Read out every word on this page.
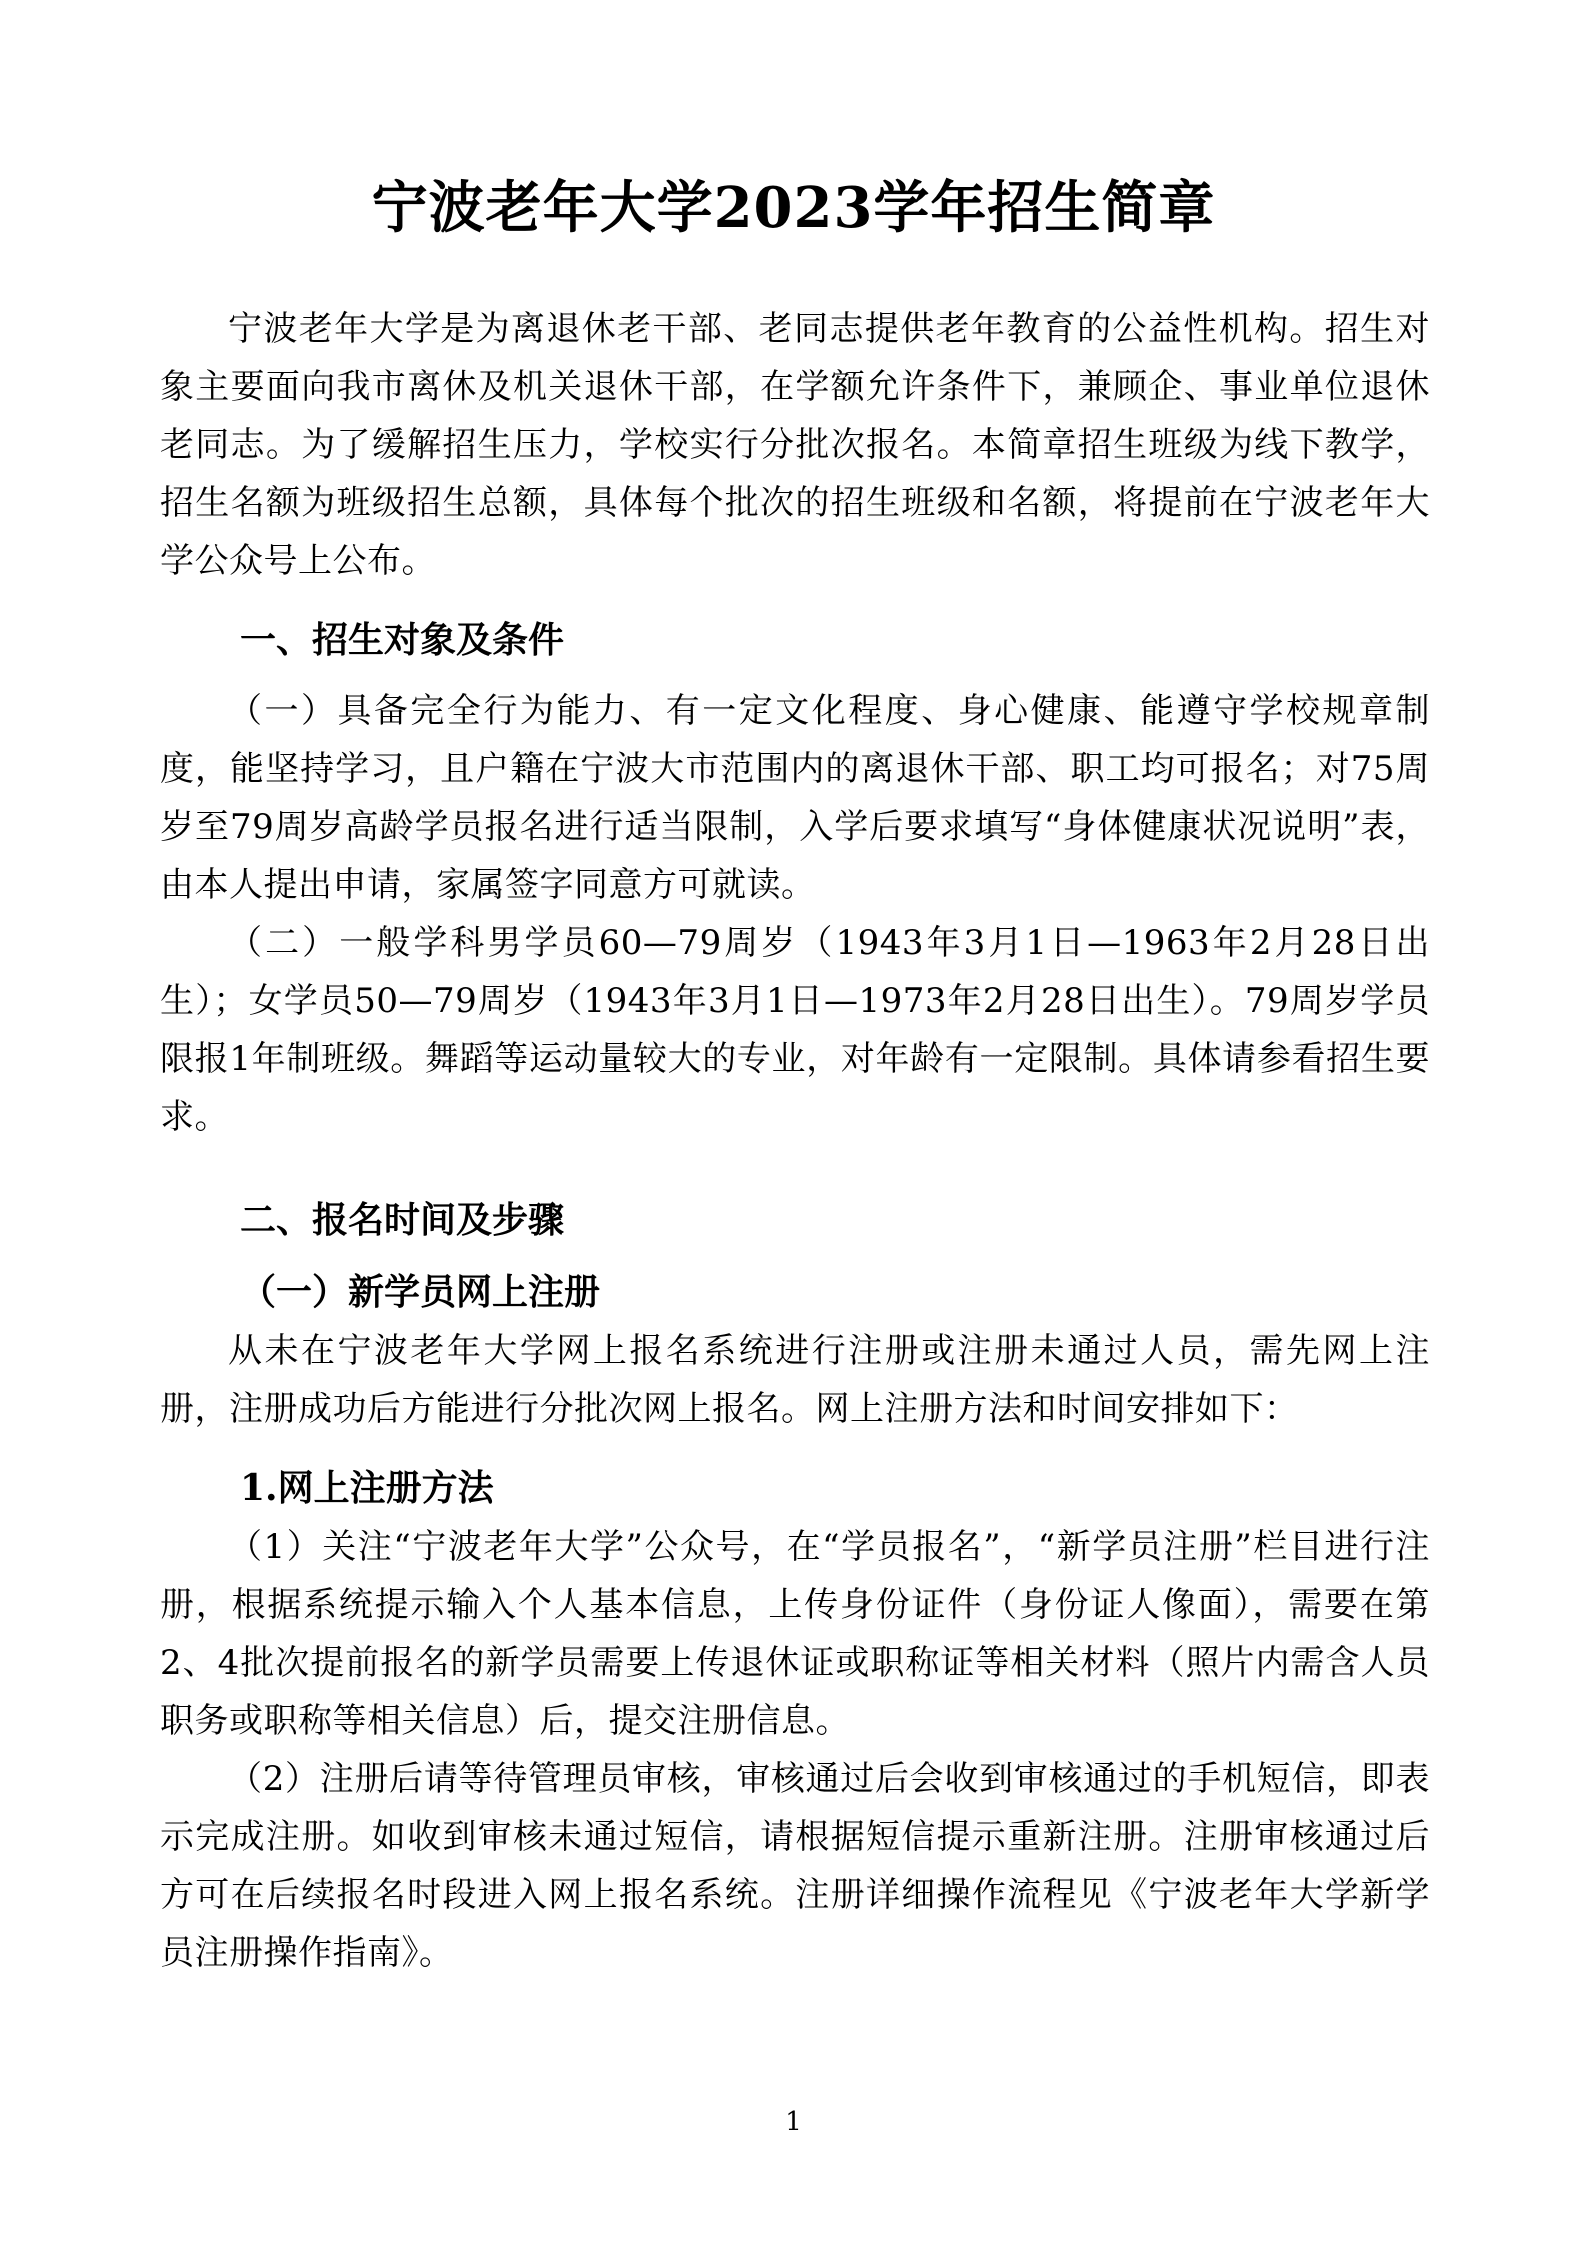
宁波老年大学2023学年招生简章

宁波老年大学是为离退休老干部、老同志提供老年教育的公益性机构。招生对象主要面向我市离休及机关退休干部，在学额允许条件下，兼顾企、事业单位退休老同志。为了缓解招生压力，学校实行分批次报名。本简章招生班级为线下教学，招生名额为班级招生总额，具体每个批次的招生班级和名额，将提前在宁波老年大学公众号上公布。

一、招生对象及条件

（一）具备完全行为能力、有一定文化程度、身心健康、能遵守学校规章制度，能坚持学习，且户籍在宁波大市范围内的离退休干部、职工均可报名；对75周岁至79周岁高龄学员报名进行适当限制，入学后要求填写“身体健康状况说明”表，由本人提出申请，家属签字同意方可就读。

（二）一般学科男学员60—79周岁（1943年3月1日—1963年2月28日出生）；女学员50—79周岁（1943年3月1日—1973年2月28日出生）。79周岁学员限报1年制班级。舞蹈等运动量较大的专业，对年龄有一定限制。具体请参看招生要求。

二、报名时间及步骤

（一）新学员网上注册

从未在宁波老年大学网上报名系统进行注册或注册未通过人员，需先网上注册，注册成功后方能进行分批次网上报名。网上注册方法和时间安排如下：

1.网上注册方法

（1）关注“宁波老年大学”公众号，在“学员报名”，“新学员注册”栏目进行注册，根据系统提示输入个人基本信息，上传身份证件（身份证人像面），需要在第2、4批次提前报名的新学员需要上传退休证或职称证等相关材料（照片内需含人员职务或职称等相关信息）后，提交注册信息。

（2）注册后请等待管理员审核，审核通过后会收到审核通过的手机短信，即表示完成注册。如收到审核未通过短信，请根据短信提示重新注册。注册审核通过后方可在后续报名时段进入网上报名系统。注册详细操作流程见《宁波老年大学新学员注册操作指南》。

1
